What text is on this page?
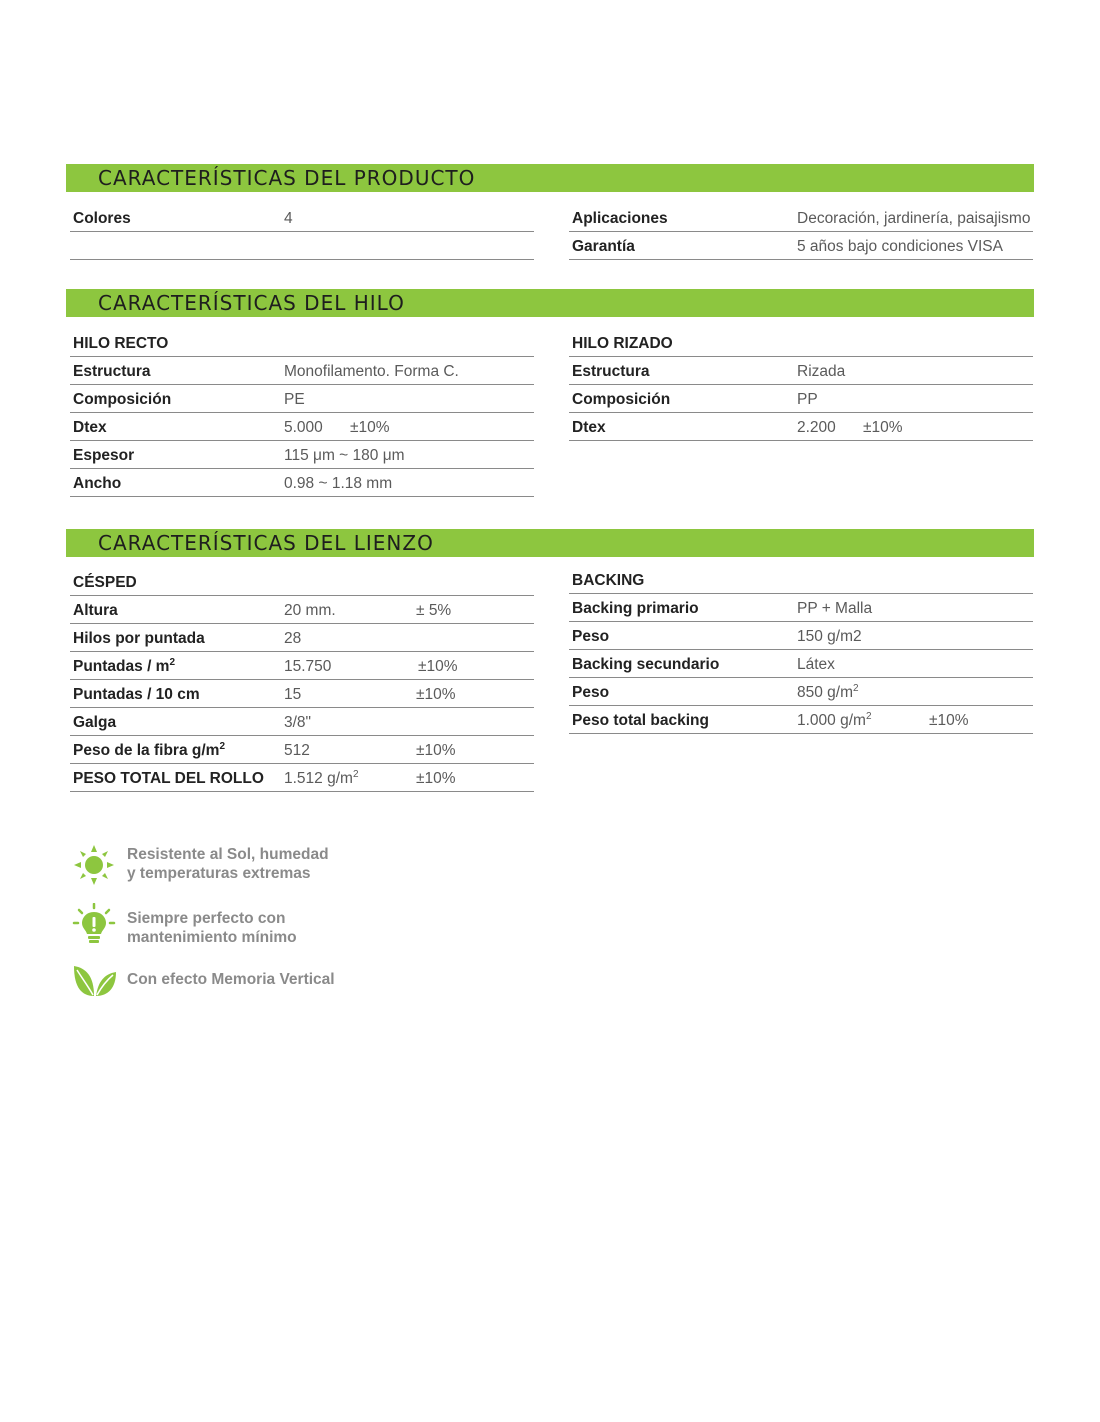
CARACTERÍSTICAS DEL PRODUCTO
Colores	4	Aplicaciones	Decoración, jardinería, paisajismo
Garantía	5 años bajo condiciones VISA
CARACTERÍSTICAS DEL HILO
HILO RECTO
Estructura	Monofilamento. Forma C.
Composición	PE
Dtex	5.000 ±10%
Espesor	115 μm ~ 180 μm
Ancho	0.98 ~ 1.18 mm
HILO RIZADO
Estructura	Rizada
Composición	PP
Dtex	2.200 ±10%
CARACTERÍSTICAS DEL LIENZO
CÉSPED
Altura	20 mm.	± 5%
Hilos por puntada	28
Puntadas / $m^2$	15.750	±10%
Puntadas / 10 cm	15	±10%
Galga	3/8"
Peso de la fibra $g/m^2$	512	±10%
PESO TOTAL DEL ROLLO 1.512 $g/m^2$	±10%
BACKING
Backing primario	PP + Malla
Peso	150 g/m2
Backing secundario	Látex
Peso	850 $g/m^2$
Peso total backing	1.000 $g/m^2$	±10%
Resistente al Sol, humedad
y temperaturas extremas
Siempre perfecto con
mantenimiento mínimo
Con efecto Memoria Vertical
